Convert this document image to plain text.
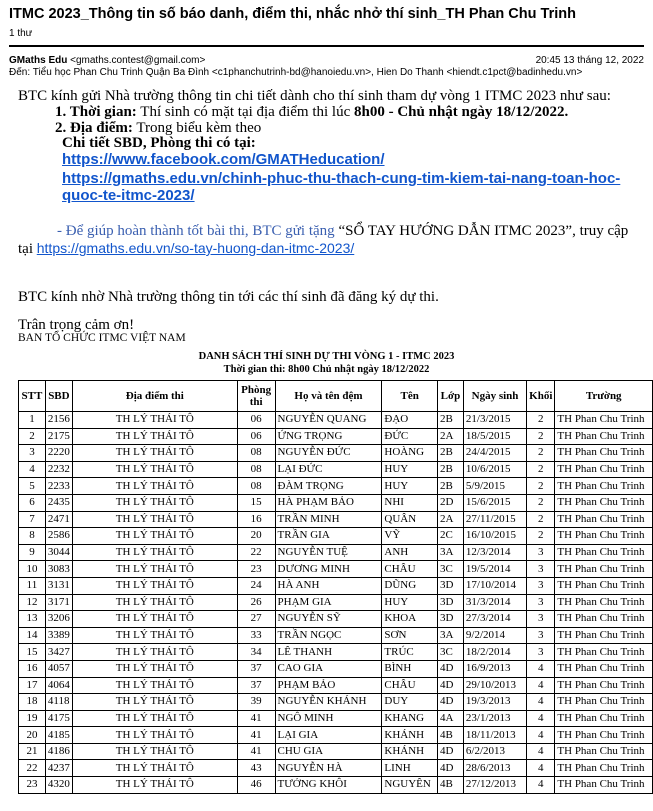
ITMC 2023_Thông tin số báo danh, điểm thi, nhắc nhở thí sinh_TH Phan Chu Trinh
1 thư
GMaths Edu <gmaths.contest@gmail.com>	20:45 13 tháng 12, 2022
Đến: Tiểu học Phan Chu Trinh Quận Ba Đình <c1phanchutrinh-bd@hanoiedu.vn>, Hien Do Thanh <hiendt.c1pct@badinhedu.vn>
BTC kính gửi Nhà trường thông tin chi tiết dành cho thí sinh tham dự vòng 1 ITMC 2023 như sau:
1. Thời gian: Thí sinh có mặt tại địa điểm thi lúc 8h00 - Chủ nhật ngày 18/12/2022.
2. Địa điểm: Trong biểu kèm theo
Chi tiết SBD, Phòng thi có tại:
https://www.facebook.com/GMATHeducation/
https://gmaths.edu.vn/chinh-phuc-thu-thach-cung-tim-kiem-tai-nang-toan-hoc-
quoc-te-itmc-2023/
- Để giúp hoàn thành tốt bài thi, BTC gửi tặng “SỔ TAY HƯỚNG DẪN ITMC 2023”, truy cập
tại https://gmaths.edu.vn/so-tay-huong-dan-itmc-2023/
BTC kính nhờ Nhà trường thông tin tới các thí sinh đã đăng ký dự thi.
Trân trọng cảm ơn!
BAN TỔ CHỨC ITMC VIỆT NAM
DANH SÁCH THÍ SINH DỰ THI VÒNG 1 - ITMC 2023
Thời gian thi: 8h00 Chủ nhật ngày 18/12/2022
STT	SBD	Địa điểm thi	Phòng thi	Họ và tên đệm	Tên	Lớp	Ngày sinh	Khối	Trường
1	2156	TH LÝ THÁI TÔ	06	NGUYỄN QUANG	ĐẠO	2B	21/3/2015	2	TH Phan Chu Trinh
2	2175	TH LÝ THÁI TÔ	06	ỨNG TRỌNG	ĐỨC	2A	18/5/2015	2	TH Phan Chu Trinh
3	2220	TH LÝ THÁI TÔ	08	NGUYỄN ĐỨC	HOÀNG	2B	24/4/2015	2	TH Phan Chu Trinh
4	2232	TH LÝ THÁI TÔ	08	LẠI ĐỨC	HUY	2B	10/6/2015	2	TH Phan Chu Trinh
5	2233	TH LÝ THÁI TÔ	08	ĐÀM TRỌNG	HUY	2B	5/9/2015	2	TH Phan Chu Trinh
6	2435	TH LÝ THÁI TÔ	15	HÀ PHẠM BẢO	NHI	2D	15/6/2015	2	TH Phan Chu Trinh
7	2471	TH LÝ THÁI TÔ	16	TRẦN MINH	QUÂN	2A	27/11/2015	2	TH Phan Chu Trinh
8	2586	TH LÝ THÁI TÔ	20	TRẦN GIA	VỸ	2C	16/10/2015	2	TH Phan Chu Trinh
9	3044	TH LÝ THÁI TÔ	22	NGUYỄN TUỆ	ANH	3A	12/3/2014	3	TH Phan Chu Trinh
10	3083	TH LÝ THÁI TÔ	23	DƯƠNG MINH	CHÂU	3C	19/5/2014	3	TH Phan Chu Trinh
11	3131	TH LÝ THÁI TÔ	24	HÀ ANH	DŨNG	3D	17/10/2014	3	TH Phan Chu Trinh
12	3171	TH LÝ THÁI TÔ	26	PHẠM GIA	HUY	3D	31/3/2014	3	TH Phan Chu Trinh
13	3206	TH LÝ THÁI TÔ	27	NGUYỄN SỸ	KHOA	3D	27/3/2014	3	TH Phan Chu Trinh
14	3389	TH LÝ THÁI TÔ	33	TRẦN NGỌC	SƠN	3A	9/2/2014	3	TH Phan Chu Trinh
15	3427	TH LÝ THÁI TÔ	34	LÊ THANH	TRÚC	3C	18/2/2014	3	TH Phan Chu Trinh
16	4057	TH LÝ THÁI TÔ	37	CAO GIA	BÌNH	4D	16/9/2013	4	TH Phan Chu Trinh
17	4064	TH LÝ THÁI TÔ	37	PHẠM BẢO	CHÂU	4D	29/10/2013	4	TH Phan Chu Trinh
18	4118	TH LÝ THÁI TÔ	39	NGUYỄN KHÁNH	DUY	4D	19/3/2013	4	TH Phan Chu Trinh
19	4175	TH LÝ THÁI TÔ	41	NGÔ MINH	KHANG	4A	23/1/2013	4	TH Phan Chu Trinh
20	4185	TH LÝ THÁI TÔ	41	LẠI GIA	KHÁNH	4B	18/11/2013	4	TH Phan Chu Trinh
21	4186	TH LÝ THÁI TÔ	41	CHU GIA	KHÁNH	4D	6/2/2013	4	TH Phan Chu Trinh
22	4237	TH LÝ THÁI TÔ	43	NGUYỄN HÀ	LINH	4D	28/6/2013	4	TH Phan Chu Trinh
23	4320	TH LÝ THÁI TÔ	46	TƯỞNG KHÔI	NGUYÊN	4B	27/12/2013	4	TH Phan Chu Trinh
